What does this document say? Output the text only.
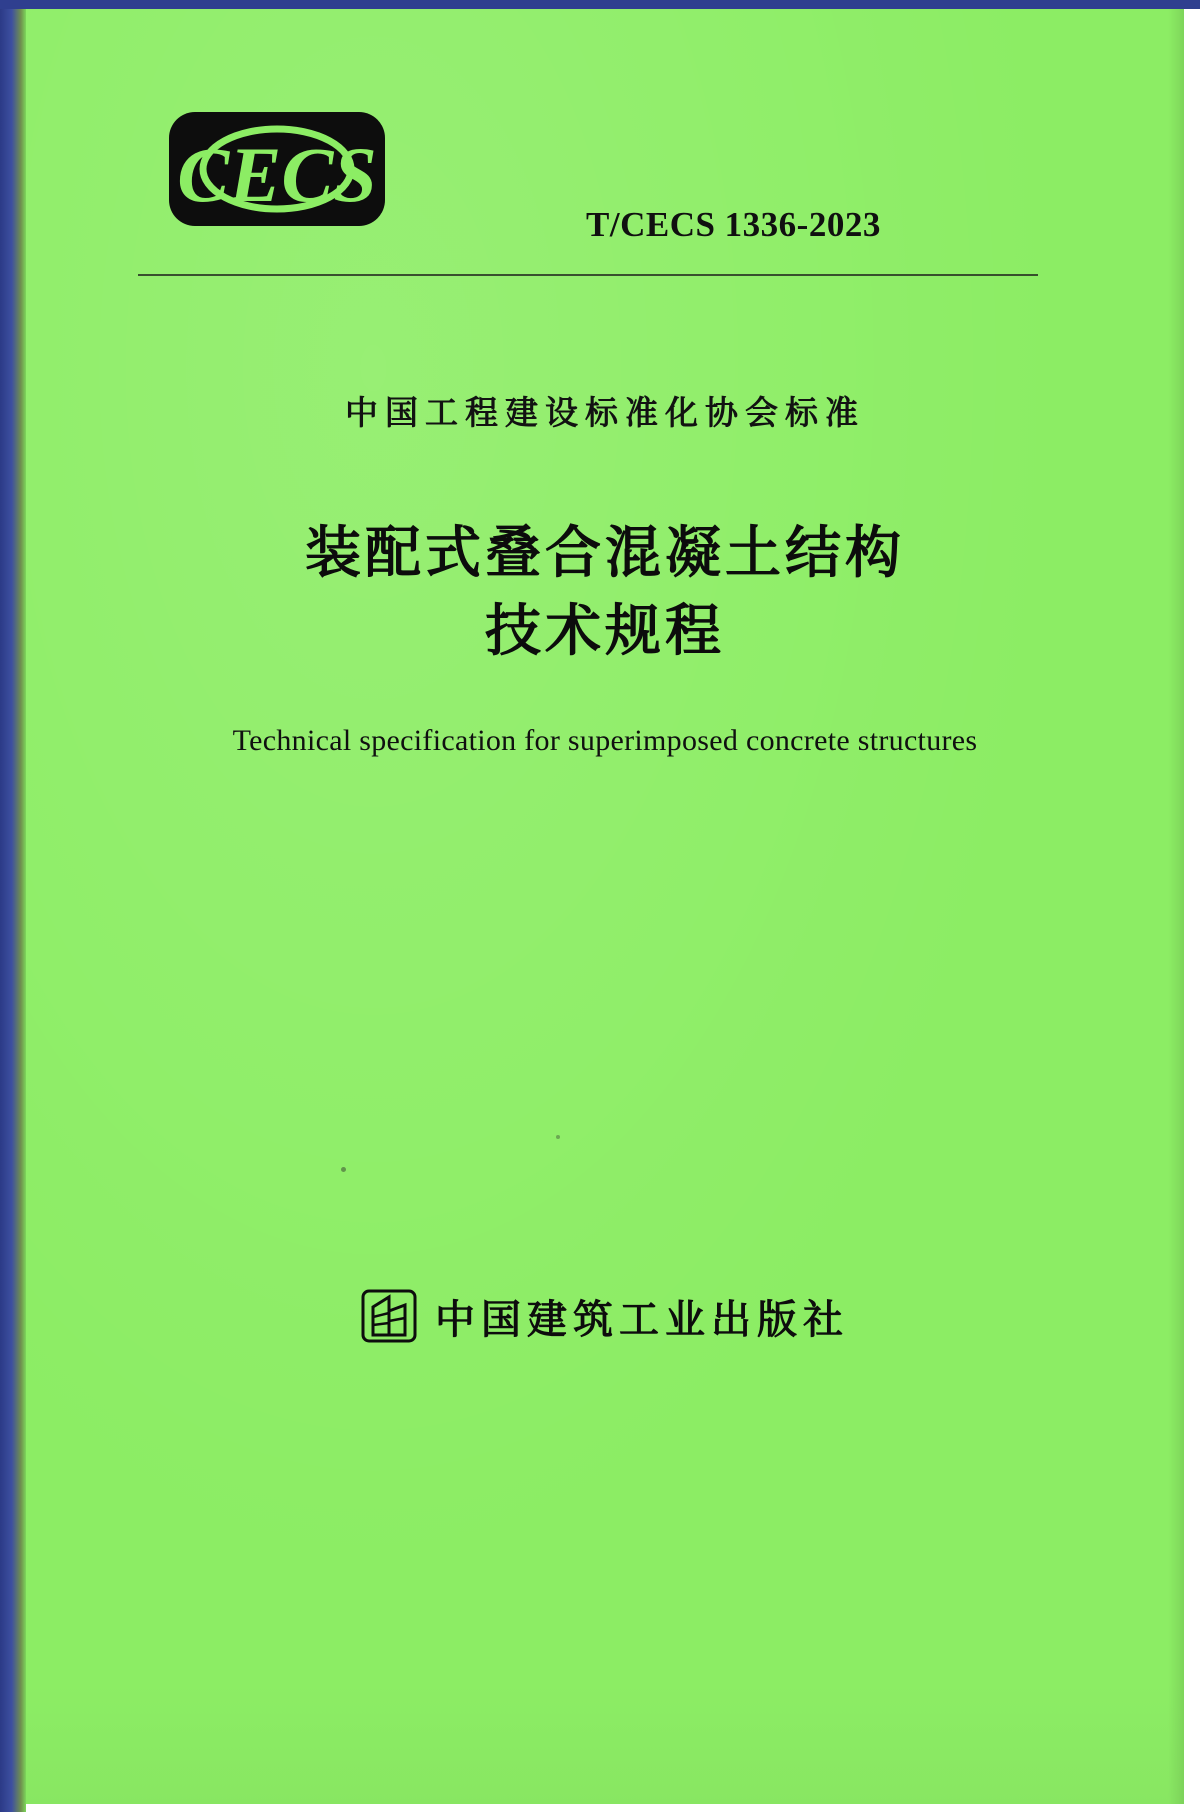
CECS
T/CECS 1336-2023
中国工程建设标准化协会标准
装配式叠合混凝土结构
技术规程
Technical specification for superimposed concrete structures
中国建筑工业出版社
